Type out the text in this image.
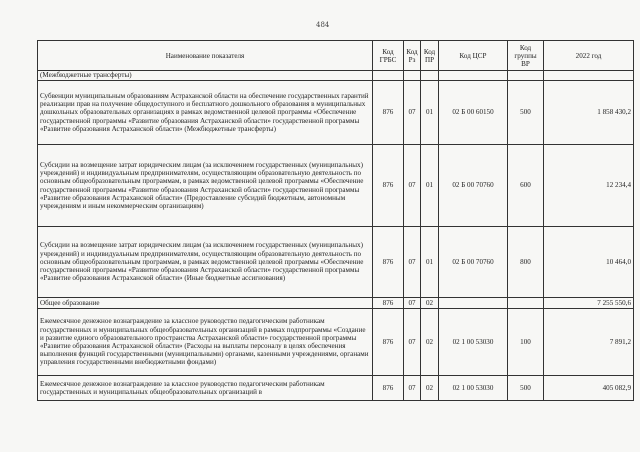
484
Наименование показателя	Код ГРБС	Код Рз	Код ПР	Код ЦСР	Код группы ВР	2022 год
(Межбюджетные трансферты)						
Субвенции муниципальным образованиям Астраханской области на обеспечение государственных гарантий реализации прав на получение общедоступного и бесплатного дошкольного образования в муниципальных дошкольных образовательных организациях в рамках ведомственной целевой программы «Обеспечение государственной программы «Развитие образования Астраханской области» государственной программы «Развитие образования Астраханской области» (Межбюджетные трансферты)	876	07	01	02 Б 00 60150	500	1 858 430,2
Субсидии на возмещение затрат юридическим лицам (за исключением государственных (муниципальных) учреждений) и индивидуальным предпринимателям, осуществляющим образовательную деятельность по основным общеобразовательным программам, в рамках ведомственной целевой программы «Обеспечение государственной программы «Развитие образования Астраханской области» государственной программы «Развитие образования Астраханской области» (Предоставление субсидий бюджетным, автономным учреждениям и иным некоммерческим организациям)	876	07	01	02 Б 00 70760	600	12 234,4
Субсидии на возмещение затрат юридическим лицам (за исключением государственных (муниципальных) учреждений) и индивидуальным предпринимателям, осуществляющим образовательную деятельность по основным общеобразовательным программам, в рамках ведомственной целевой программы «Обеспечение государственной программы «Развитие образования Астраханской области» государственной программы «Развитие образования Астраханской области» (Иные бюджетные ассигнования)	876	07	01	02 Б 00 70760	800	10 464,0
Общее образование	876	07	02			7 255 550,6
Ежемесячное денежное вознаграждение за классное руководство педагогическим работникам государственных и муниципальных общеобразовательных организаций в рамках подпрограммы «Создание и развитие единого образовательного пространства Астраханской области» государственной программы «Развитие образования Астраханской области» (Расходы на выплаты персоналу в целях обеспечения выполнения функций государственными (муниципальными) органами, казенными учреждениями, органами управления государственными внебюджетными фондами)	876	07	02	02 1 00 53030	100	7 891,2
Ежемесячное денежное вознаграждение за классное руководство педагогическим работникам государственных и муниципальных общеобразовательных организаций в	876	07	02	02 1 00 53030	500	405 082,9
